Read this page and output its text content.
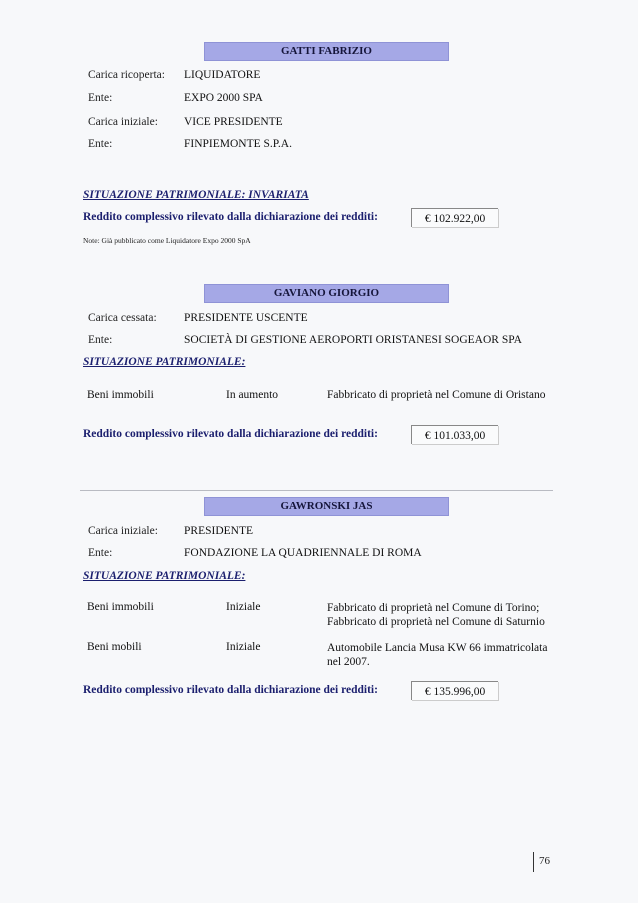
GATTI FABRIZIO
Carica ricoperta: LIQUIDATORE
Ente:	EXPO 2000 SPA
Carica iniziale: VICE PRESIDENTE
Ente:	FINPIEMONTE S.P.A.
SITUAZIONE PATRIMONIALE: INVARIATA
Reddito complessivo rilevato dalla dichiarazione dei redditi:	€ 102.922,00
Note: Già pubblicato come Liquidatore Expo 2000 SpA
GAVIANO GIORGIO
Carica cessata: PRESIDENTE USCENTE
Ente:	SOCIETÀ DI GESTIONE AEROPORTI ORISTANESI SOGEAOR SPA
SITUAZIONE PATRIMONIALE:
Beni immobili	In aumento	Fabbricato di proprietà nel Comune di Oristano
Reddito complessivo rilevato dalla dichiarazione dei redditi:	€ 101.033,00
GAWRONSKI JAS
Carica iniziale: PRESIDENTE
Ente:	FONDAZIONE LA QUADRIENNALE DI ROMA
SITUAZIONE PATRIMONIALE:
Beni immobili	Iniziale	Fabbricato di proprietà nel Comune di Torino; Fabbricato di proprietà nel Comune di Saturnio
Beni mobili	Iniziale	Automobile Lancia Musa KW 66 immatricolata nel 2007.
Reddito complessivo rilevato dalla dichiarazione dei redditi:	€ 135.996,00
76
